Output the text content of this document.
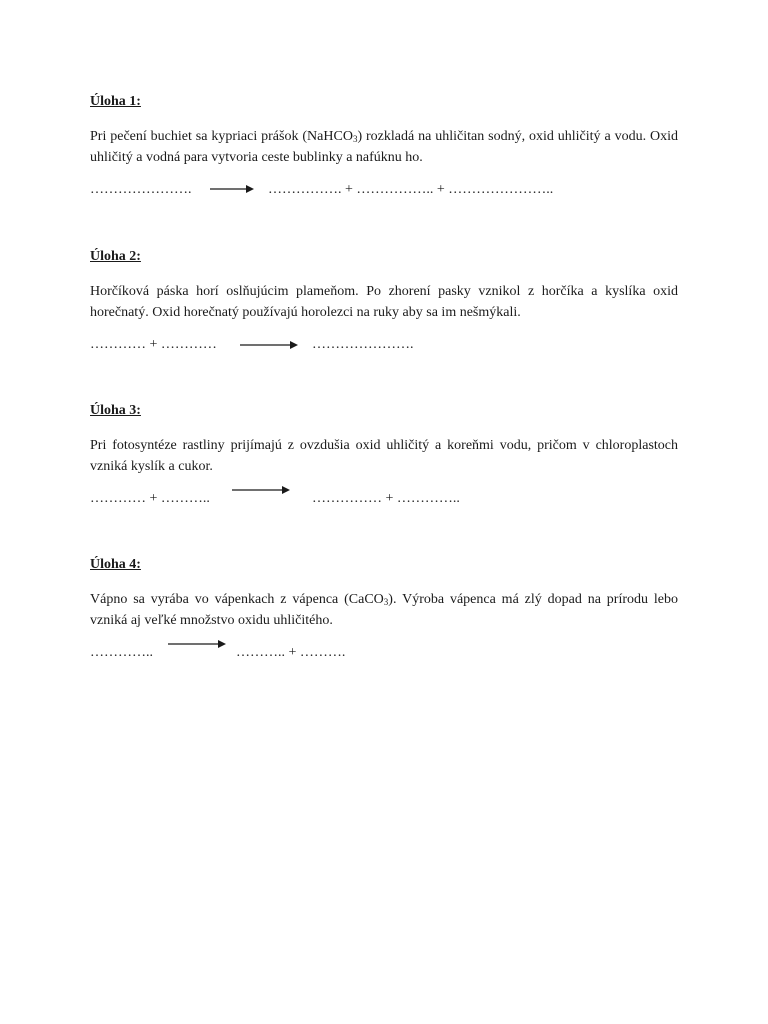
Úloha 1:

Pri pečení buchiet sa kypriaci prášok (NaHCO$_3$) rozkladá na uhličitan sodný, oxid uhličitý a vodu. Oxid uhličitý a vodná para vytvoria ceste bublinky a nafúknu ho.

…………………. → ……………. + …………….. + …………………..

Úloha 2:

Horčíková páska horí oslňujúcim plameňom. Po zhorení pasky vznikol z horčíka a kyslíka oxid horečnatý. Oxid horečnatý používajú horolezci na ruky aby sa im nešmýkali.

………… + …………	………………….

Úloha 3:

Pri fotosyntéze rastliny prijímajú z ovzdušia oxid uhličitý a koreňmi vodu, pričom v chloroplastoch vzniká kyslík a cukor.

………… + ………..	…………… + …………..

Úloha 4:

Vápno sa vyrába vo vápenkach z vápenca (CaCO$_3$). Výroba vápenca má zlý dopad na prírodu lebo vzniká aj veľké množstvo oxidu uhličitého.

…………..	……….. + ……….
